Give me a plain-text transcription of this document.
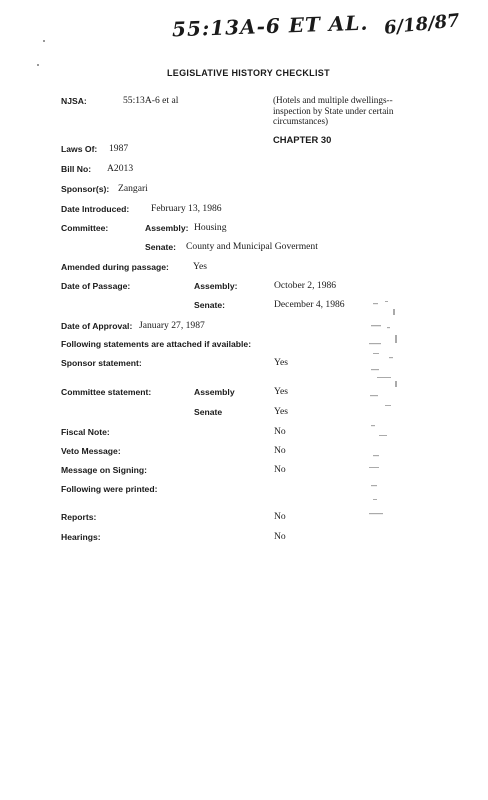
55:13A-6 ET AL. 6/18/87
LEGISLATIVE HISTORY CHECKLIST
NJSA:	55:13A-6 et al	(Hotels and multiple dwellings--
inspection by State under certain
circumstances)
CHAPTER 30
Laws Of: 1987
Bill No: A2013
Sponsor(s): Zangari
Date Introduced: February 13, 1986
Committee:	Assembly: Housing
Senate: County and Municipal Goverment
Amended during passage:	Yes
Date of Passage:	Assembly:	October 2, 1986
Senate:	December 4, 1986
Date of Approval: January 27, 1987
Following statements are attached if available:
Sponsor statement:	Yes
Committee statement:	Assembly	Yes
Senate	Yes
Fiscal Note:	No
Veto Message:	No
Message on Signing:	No
Following were printed:
Reports:	No
Hearings:	No
